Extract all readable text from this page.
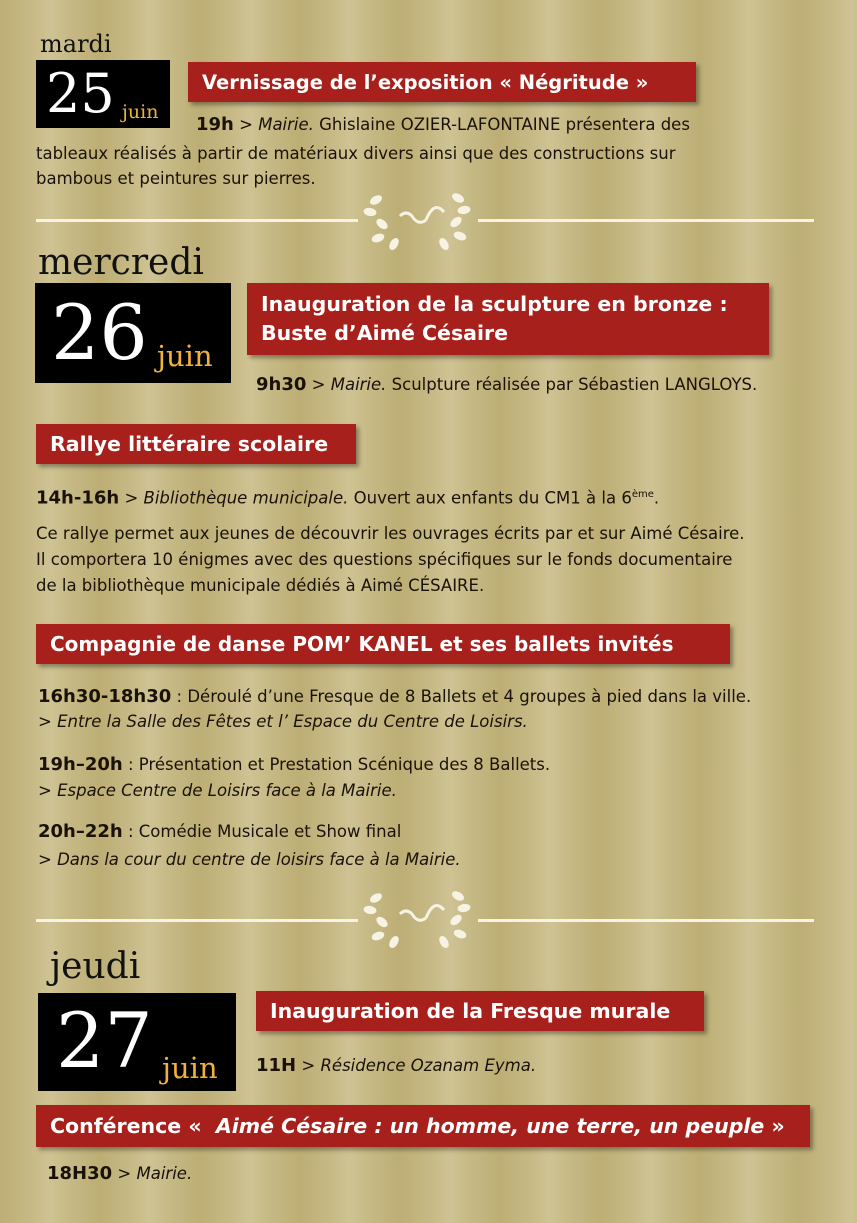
mardi
25 juin
Vernissage de l’exposition « Négritude »
19h > Mairie. Ghislaine OZIER-LAFONTAINE présentera des
tableaux réalisés à partir de matériaux divers ainsi que des constructions sur
bambous et peintures sur pierres.
mercredi
26 juin
Inauguration de la sculpture en bronze :
Buste d’Aimé Césaire
9h30 > Mairie. Sculpture réalisée par Sébastien LANGLOYS.
Rallye littéraire scolaire
14h-16h > Bibliothèque municipale. Ouvert aux enfants du CM1 à la 6ème.
Ce rallye permet aux jeunes de découvrir les ouvrages écrits par et sur Aimé Césaire.
Il comportera 10 énigmes avec des questions spécifiques sur le fonds documentaire
de la bibliothèque municipale dédiés à Aimé CÉSAIRE.
Compagnie de danse POM’ KANEL et ses ballets invités
16h30-18h30 : Déroulé d’une Fresque de 8 Ballets et 4 groupes à pied dans la ville.
> Entre la Salle des Fêtes et l’ Espace du Centre de Loisirs.
19h–20h : Présentation et Prestation Scénique des 8 Ballets.
> Espace Centre de Loisirs face à la Mairie.
20h–22h : Comédie Musicale et Show final
> Dans la cour du centre de loisirs face à la Mairie.
jeudi
27 juin
Inauguration de la Fresque murale
11H > Résidence Ozanam Eyma.
Conférence « Aimé Césaire : un homme, une terre, un peuple »
18H30 > Mairie.
